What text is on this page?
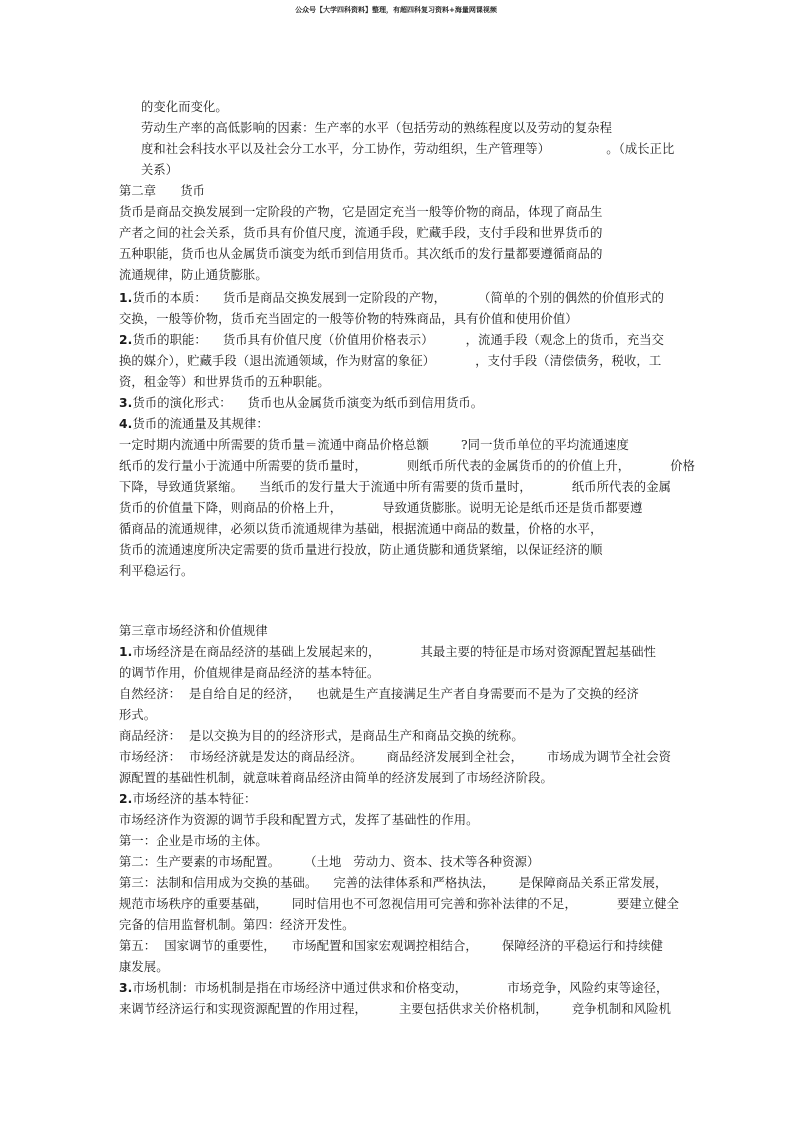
公众号【大学四科资料】整理，有超四科复习资料+海量网课视频
的变化而变化。
劳动生产率的高低影响的因素：生产率的水平（包括劳动的熟练程度以及劳动的复杂程
度和社会科技水平以及社会分工水平，分工协作，劳动组织，生产管理等）              。（成长正比
关系）
第二章      货币
货币是商品交换发展到一定阶段的产物，它是固定充当一般等价物的商品，体现了商品生
产者之间的社会关系，货币具有价值尺度，流通手段，贮藏手段，支付手段和世界货币的
五种职能，货币也从金属货币演变为纸币到信用货币。其次纸币的发行量都要遵循商品的
流通规律，防止通货膨胀。
1.货币的本质：    货币是商品交换发展到一定阶段的产物，        （简单的个别的偶然的价值形式的
交换，一般等价物，货币充当固定的一般等价物的特殊商品，具有价值和使用价值）
2.货币的职能：    货币具有价值尺度（价值用价格表示）        ，流通手段（观念上的货币，充当交
换的媒介），贮藏手段（退出流通领域，作为财富的象征）          ，支付手段（清偿债务，税收，工
资，租金等）和世界货币的五种职能。
3.货币的演化形式：    货币也从金属货币演变为纸币到信用货币。
4.货币的流通量及其规律：
一定时期内流通中所需要的货币量＝流通中商品价格总额        ?同一货币单位的平均流通速度
纸币的发行量小于流通中所需要的货币量时，          则纸币所代表的金属货币的的价值上升，          价格
下降，导致通货紧缩。    当纸币的发行量大于流通中所有需要的货币量时，          纸币所代表的金属
货币的价值量下降，则商品的价格上升，          导致通货膨胀。说明无论是纸币还是货币都要遵
循商品的流通规律，必须以货币流通规律为基础，根据流通中商品的数量，价格的水平，
货币的流通速度所决定需要的货币量进行投放，防止通货膨和通货紧缩，以保证经济的顺
利平稳运行。
第三章市场经济和价值规律
1.市场经济是在商品经济的基础上发展起来的，          其最主要的特征是市场对资源配置起基础性
的调节作用，价值规律是商品经济的基本特征。
自然经济：  是自给自足的经济，    也就是生产直接满足生产者自身需要而不是为了交换的经济
形式。
商品经济：  是以交换为目的的经济形式，是商品生产和商品交换的统称。
市场经济：  市场经济就是发达的商品经济。      商品经济发展到全社会，      市场成为调节全社会资
源配置的基础性机制，就意味着商品经济由简单的经济发展到了市场经济阶段。
2.市场经济的基本特征：
市场经济作为资源的调节手段和配置方式，发挥了基础性的作用。
第一：企业是市场的主体。
第二：生产要素的市场配置。      （土地   劳动力、资本、技术等各种资源）
第三：法制和信用成为交换的基础。    完善的法律体系和严格执法，      是保障商品关系正常发展，
规范市场秩序的重要基础，      同时信用也不可忽视信用可完善和弥补法律的不足，          要建立健全
完备的信用监督机制。第四：经济开发性。
第五：  国家调节的重要性，    市场配置和国家宏观调控相结合，      保障经济的平稳运行和持续健
康发展。
3.市场机制：市场机制是指在市场经济中通过供求和价格变动，          市场竞争，风险约束等途径，
来调节经济运行和实现资源配置的作用过程，        主要包括供求关价格机制，      竞争机制和风险机
